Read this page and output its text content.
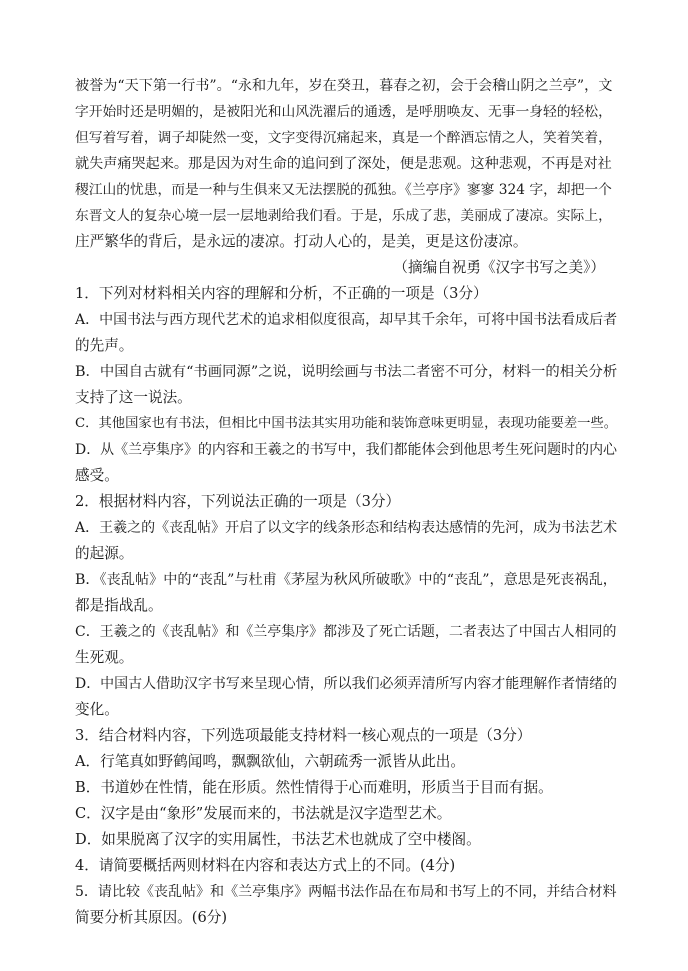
被誉为“天下第一行书”。“永和九年，岁在癸丑，暮春之初，会于会稽山阴之兰亭”，文
字开始时还是明媚的，是被阳光和山风洗濯后的通透，是呼朋唤友、无事一身轻的轻松，
但写着写着，调子却陡然一变，文字变得沉痛起来，真是一个醉酒忘情之人，笑着笑着，
就失声痛哭起来。那是因为对生命的追问到了深处，便是悲观。这种悲观，不再是对社
稷江山的忧患，而是一种与生俱来又无法摆脱的孤独。《兰亭序》寥寥 324 字，却把一个
东晋文人的复杂心境一层一层地剥给我们看。于是，乐成了悲，美丽成了凄凉。实际上，
庄严繁华的背后，是永远的凄凉。打动人心的，是美，更是这份凄凉。
（摘编自祝勇《汉字书写之美》）
1．下列对材料相关内容的理解和分析，不正确的一项是（3分）
A．中国书法与西方现代艺术的追求相似度很高，却早其千余年，可将中国书法看成后者
的先声。
B．中国自古就有“书画同源”之说，说明绘画与书法二者密不可分，材料一的相关分析
支持了这一说法。
C．其他国家也有书法，但相比中国书法其实用功能和装饰意味更明显，表现功能要差一些。
D．从《兰亭集序》的内容和王羲之的书写中，我们都能体会到他思考生死问题时的内心
感受。
2．根据材料内容，下列说法正确的一项是（3分）
A．王羲之的《丧乱帖》开启了以文字的线条形态和结构表达感情的先河，成为书法艺术
的起源。
B．《丧乱帖》中的“丧乱”与杜甫《茅屋为秋风所破歌》中的“丧乱”，意思是死丧祸乱，
都是指战乱。
C．王羲之的《丧乱帖》和《兰亭集序》都涉及了死亡话题，二者表达了中国古人相同的
生死观。
D．中国古人借助汉字书写来呈现心情，所以我们必须弄清所写内容才能理解作者情绪的
变化。
3．结合材料内容，下列选项最能支持材料一核心观点的一项是（3分）
A．行笔真如野鹤闻鸣，飘飘欲仙，六朝疏秀一派皆从此出。
B．书道妙在性情，能在形质。然性情得于心而难明，形质当于目而有据。
C．汉字是由“象形”发展而来的，书法就是汉字造型艺术。
D．如果脱离了汉字的实用属性，书法艺术也就成了空中楼阁。
4．请简要概括两则材料在内容和表达方式上的不同。(4分)
5．请比较《丧乱帖》和《兰亭集序》两幅书法作品在布局和书写上的不同，并结合材料
简要分析其原因。(6分)
